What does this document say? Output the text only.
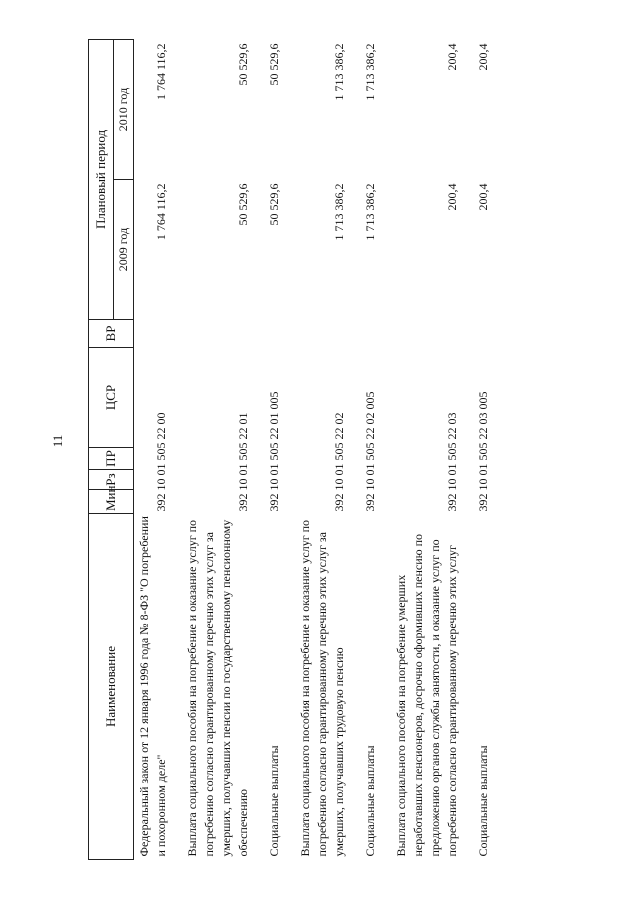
11
Наименование	Мин	Рз	ПР	ЦСР	ВР	Плановый период	
						2009 год	2010 год
Федеральный закон от 12 января 1996 года № 8-ФЗ "О погребении и похоронном деле"	392 10 01 505 22 00					1 764 116,2	1 764 116,2
Выплата социального пособия на погребение и оказание услуг по погребению согласно гарантированному перечню этих услуг за умерших, получавших пенсии по государственному пенсионному обеспечению	392 10 01 505 22 01					50 529,6	50 529,6
Социальные выплаты	392 10 01 505 22 01 005					50 529,6	50 529,6
Выплата социального пособия на погребение и оказание услуг по погребению согласно гарантированному перечню этих услуг за умерших, получавших трудовую пенсию	392 10 01 505 22 02					1 713 386,2	1 713 386,2
Социальные выплаты	392 10 01 505 22 02 005					1 713 386,2	1 713 386,2
Выплата социального пособия на погребение умерших неработавших пенсионеров, досрочно оформивших пенсию по предложению органов службы занятости, и оказание услуг по погребению согласно гарантированному перечню этих услуг	392 10 01 505 22 03					200,4	200,4
Социальные выплаты	392 10 01 505 22 03 005					200,4	200,4
